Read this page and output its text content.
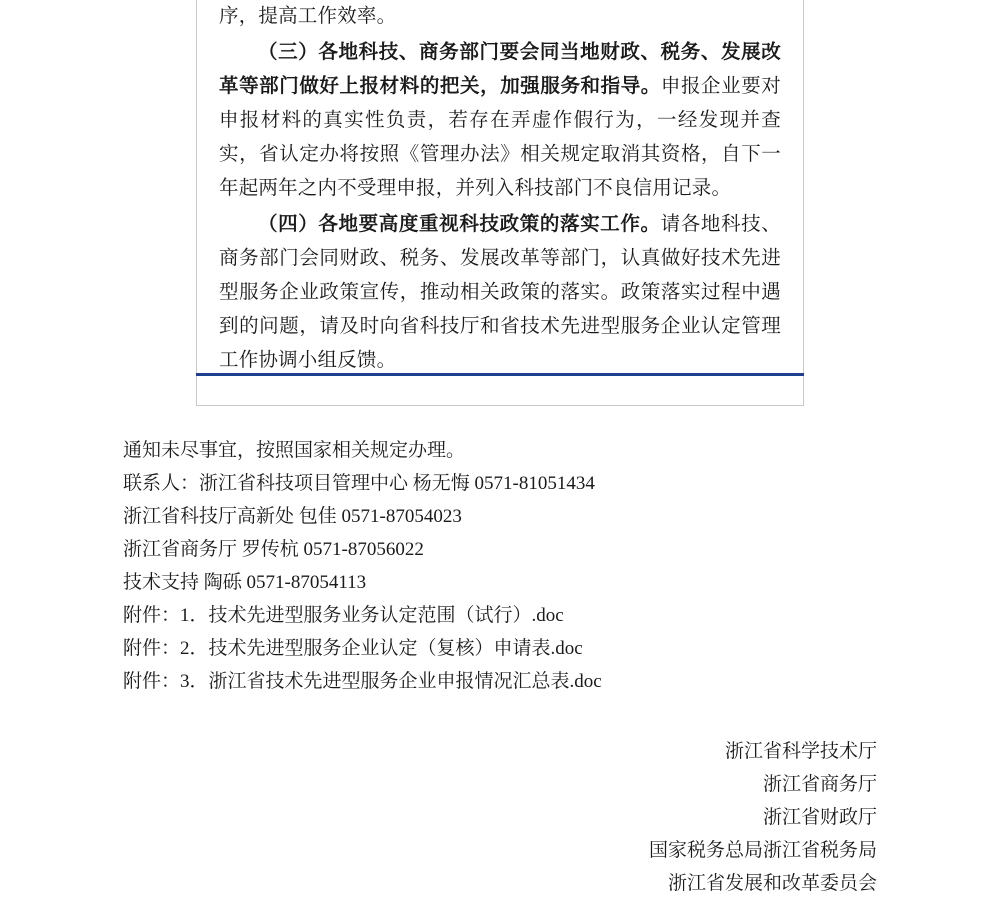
序，提高工作效率。
（三）各地科技、商务部门要会同当地财政、税务、发展改革等部门做好上报材料的把关，加强服务和指导。申报企业要对申报材料的真实性负责，若存在弄虚作假行为，一经发现并查实，省认定办将按照《管理办法》相关规定取消其资格，自下一年起两年之内不受理申报，并列入科技部门不良信用记录。
（四）各地要高度重视科技政策的落实工作。请各地科技、商务部门会同财政、税务、发展改革等部门，认真做好技术先进型服务企业政策宣传，推动相关政策的落实。政策落实过程中遇到的问题，请及时向省科技厅和省技术先进型服务企业认定管理工作协调小组反馈。
通知未尽事宜，按照国家相关规定办理。
联系人：浙江省科技项目管理中心 杨无悔 0571-81051434
浙江省科技厅高新处 包佳 0571-87054023
浙江省商务厅 罗传杭 0571-87056022
技术支持 陶砾 0571-87054113
附件：1．技术先进型服务业务认定范围（试行）.doc
附件：2．技术先进型服务企业认定（复核）申请表.doc
附件：3．浙江省技术先进型服务企业申报情况汇总表.doc
浙江省科学技术厅
浙江省商务厅
浙江省财政厅
国家税务总局浙江省税务局
浙江省发展和改革委员会
